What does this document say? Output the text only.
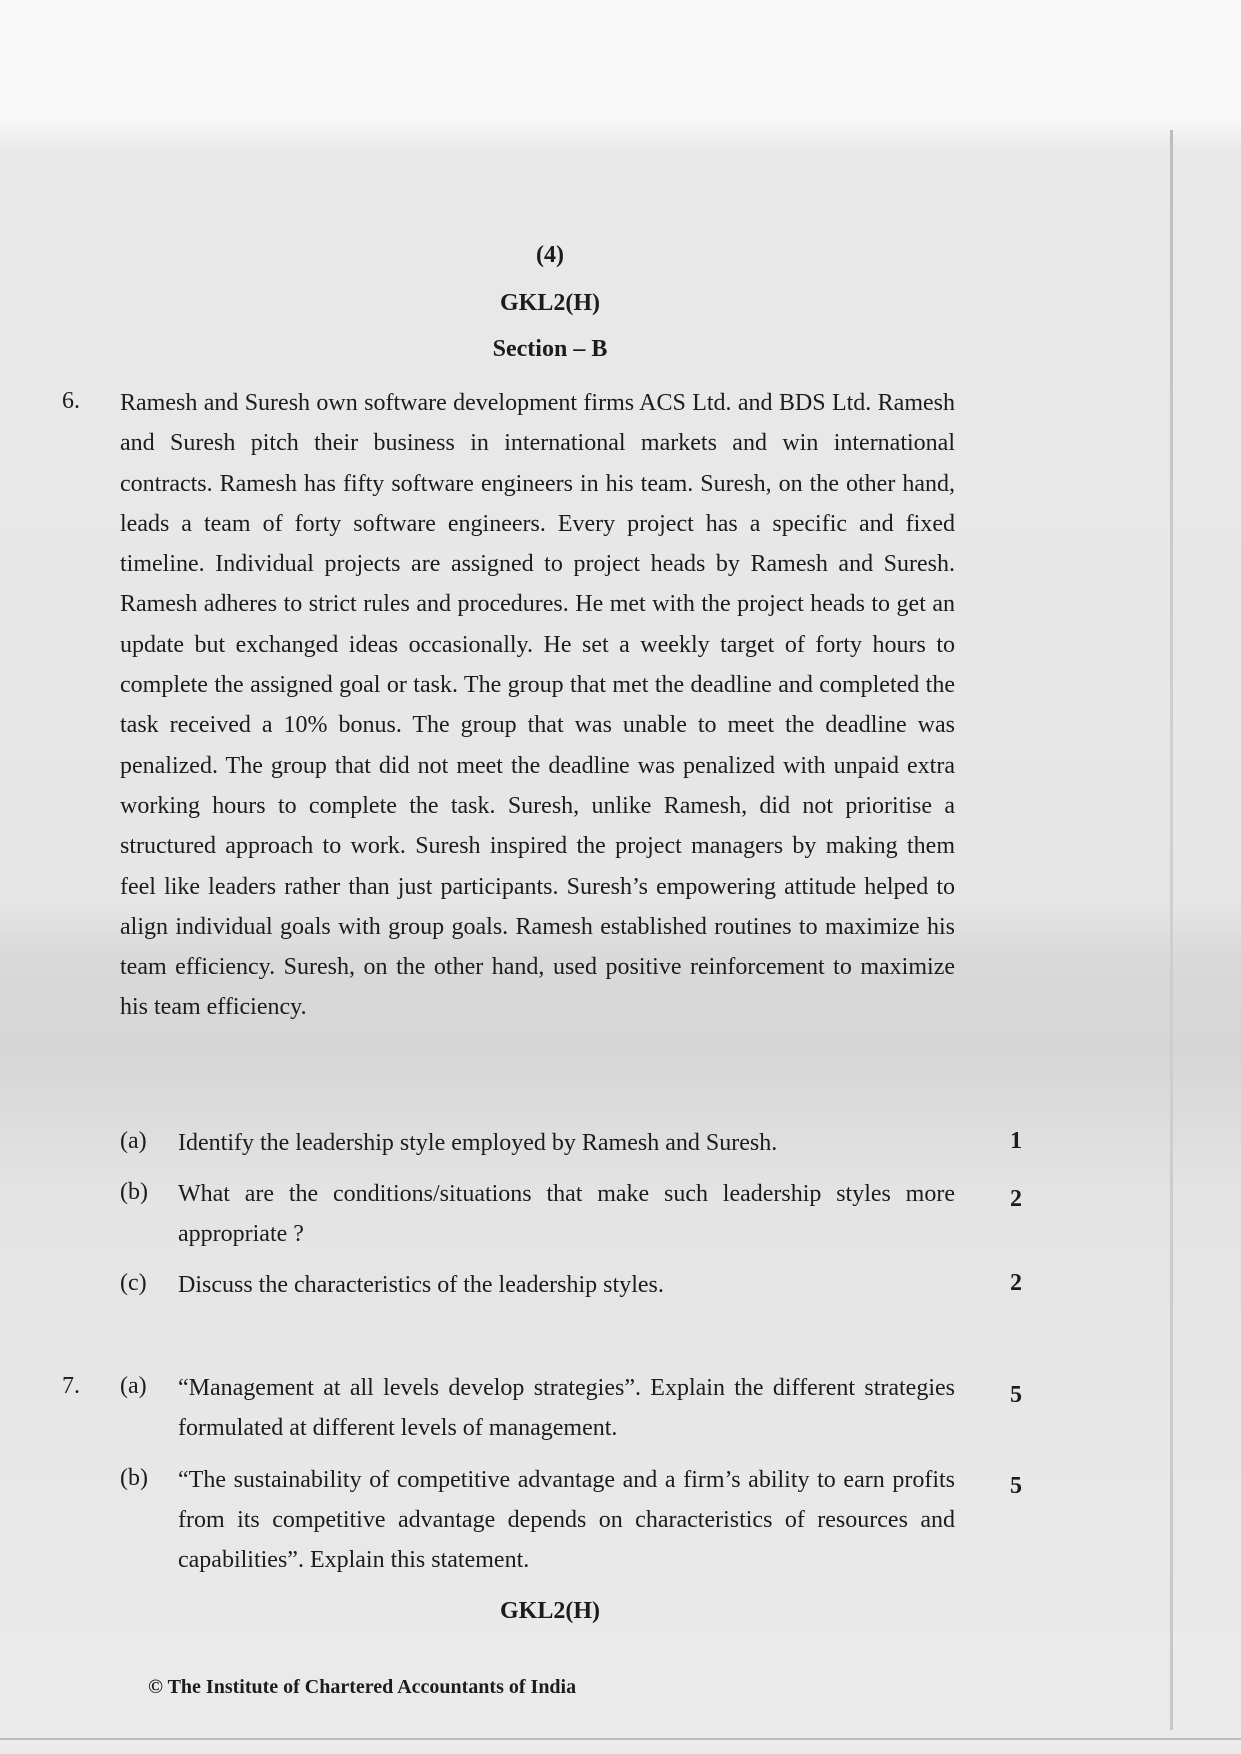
(4)
GKL2(H)
Section – B
6. Ramesh and Suresh own software development firms ACS Ltd. and BDS Ltd. Ramesh and Suresh pitch their business in international markets and win international contracts. Ramesh has fifty software engineers in his team. Suresh, on the other hand, leads a team of forty software engineers. Every project has a specific and fixed timeline. Individual projects are assigned to project heads by Ramesh and Suresh. Ramesh adheres to strict rules and procedures. He met with the project heads to get an update but exchanged ideas occasionally. He set a weekly target of forty hours to complete the assigned goal or task. The group that met the deadline and completed the task received a 10% bonus. The group that was unable to meet the deadline was penalized. The group that did not meet the deadline was penalized with unpaid extra working hours to complete the task. Suresh, unlike Ramesh, did not prioritise a structured approach to work. Suresh inspired the project managers by making them feel like leaders rather than just participants. Suresh’s empowering attitude helped to align individual goals with group goals. Ramesh established routines to maximize his team efficiency. Suresh, on the other hand, used positive reinforcement to maximize his team efficiency.

(a) Identify the leadership style employed by Ramesh and Suresh.	1
(b) What are the conditions/situations that make such leadership styles more appropriate ?

2
(c) Discuss the characteristics of the leadership styles.	2
7. (a) “Management at all levels develop strategies”. Explain the different strategies formulated at different levels of management.

5
(b) “The sustainability of competitive advantage and a firm’s ability to earn profits from its competitive advantage depends on characteristics of resources and capabilities”. Explain this statement.

5
GKL2(H)
© The Institute of Chartered Accountants of India
